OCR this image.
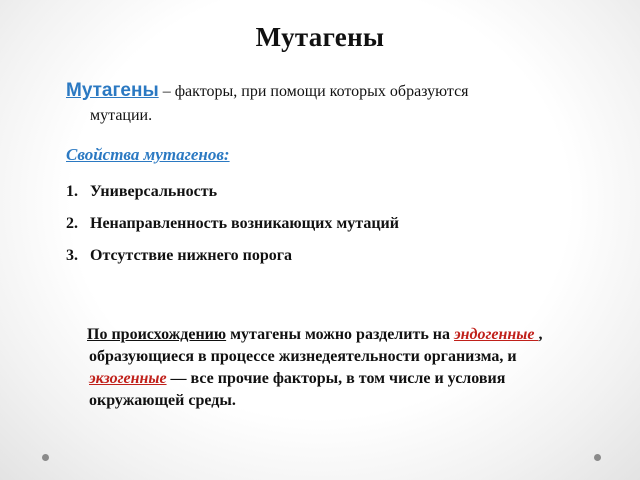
Мутагены
Мутагены – факторы, при помощи которых образуются
мутации.
Свойства мутагенов:
1. Универсальность
2. Ненаправленность возникающих мутаций
3. Отсутствие нижнего порога
По происхождению мутагены можно разделить на эндогенные , образующиеся в процессе жизнедеятельности организма, и экзогенные — все прочие факторы, в том числе и условия окружающей среды.
